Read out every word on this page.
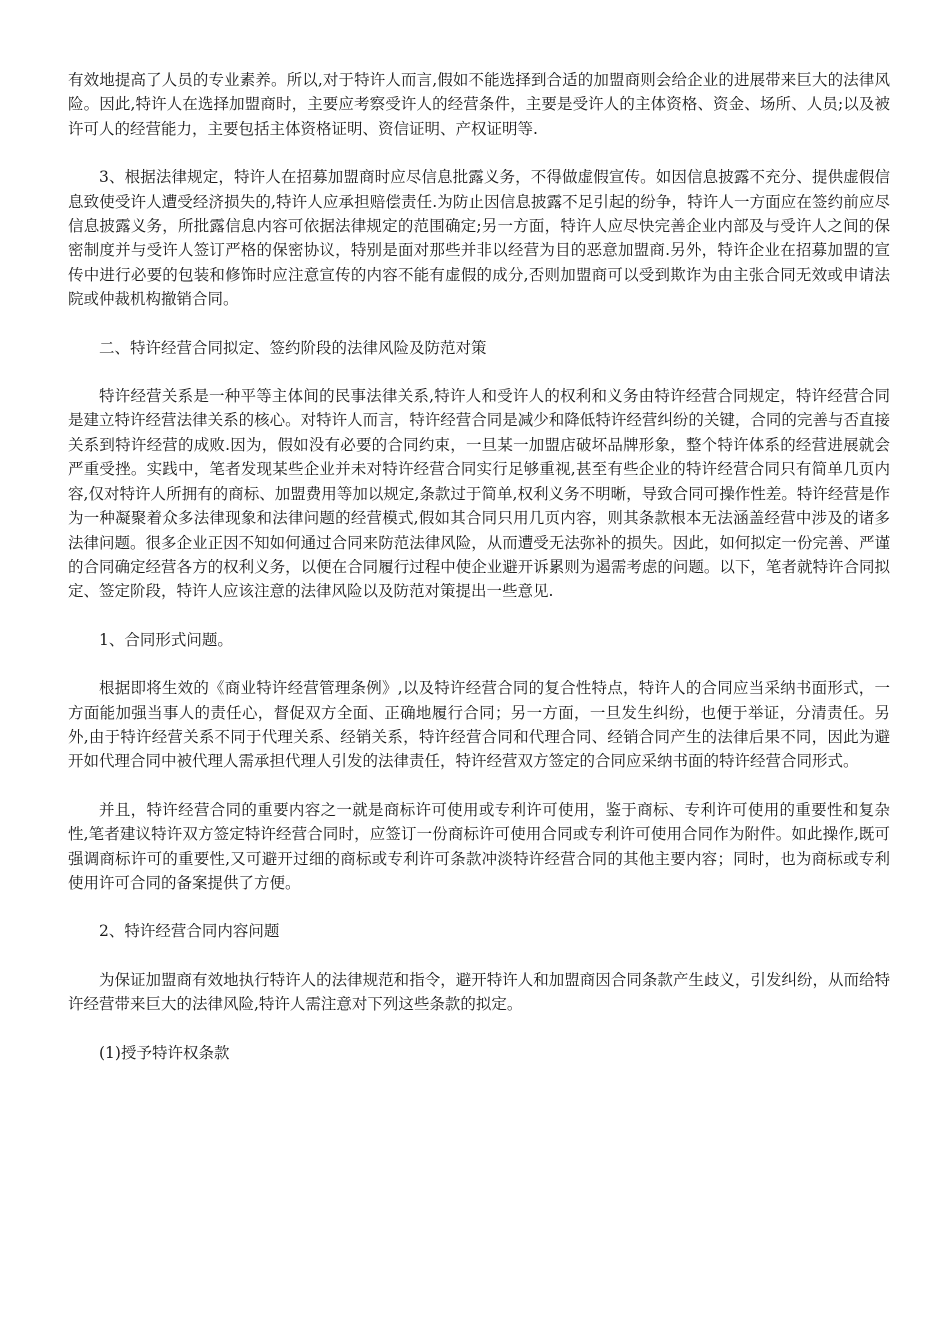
有效地提高了人员的专业素养。所以,对于特许人而言,假如不能选择到合适的加盟商则会给企业的进展带来巨大的法律风险。因此,特许人在选择加盟商时，主要应考察受许人的经营条件，主要是受许人的主体资格、资金、场所、人员;以及被许可人的经营能力，主要包括主体资格证明、资信证明、产权证明等.

3、根据法律规定，特许人在招募加盟商时应尽信息批露义务，不得做虚假宣传。如因信息披露不充分、提供虚假信息致使受许人遭受经济损失的,特许人应承担赔偿责任.为防止因信息披露不足引起的纷争，特许人一方面应在签约前应尽信息披露义务，所批露信息内容可依据法律规定的范围确定;另一方面，特许人应尽快完善企业内部及与受许人之间的保密制度并与受许人签订严格的保密协议，特别是面对那些并非以经营为目的恶意加盟商.另外，特许企业在招募加盟的宣传中进行必要的包装和修饰时应注意宣传的内容不能有虚假的成分,否则加盟商可以受到欺诈为由主张合同无效或申请法院或仲裁机构撤销合同。

二、特许经营合同拟定、签约阶段的法律风险及防范对策

特许经营关系是一种平等主体间的民事法律关系,特许人和受许人的权利和义务由特许经营合同规定，特许经营合同是建立特许经营法律关系的核心。对特许人而言，特许经营合同是减少和降低特许经营纠纷的关键，合同的完善与否直接关系到特许经营的成败.因为，假如没有必要的合同约束，一旦某一加盟店破坏品牌形象，整个特许体系的经营进展就会严重受挫。实践中，笔者发现某些企业并未对特许经营合同实行足够重视,甚至有些企业的特许经营合同只有简单几页内容,仅对特许人所拥有的商标、加盟费用等加以规定,条款过于简单,权利义务不明晰，导致合同可操作性差。特许经营是作为一种凝聚着众多法律现象和法律问题的经营模式,假如其合同只用几页内容，则其条款根本无法涵盖经营中涉及的诸多法律问题。很多企业正因不知如何通过合同来防范法律风险，从而遭受无法弥补的损失。因此，如何拟定一份完善、严谨的合同确定经营各方的权利义务，以便在合同履行过程中使企业避开诉累则为遏需考虑的问题。以下，笔者就特许合同拟定、签定阶段，特许人应该注意的法律风险以及防范对策提出一些意见.

1、合同形式问题。

根据即将生效的《商业特许经营管理条例》,以及特许经营合同的复合性特点，特许人的合同应当采纳书面形式，一方面能加强当事人的责任心，督促双方全面、正确地履行合同；另一方面，一旦发生纠纷，也便于举证，分清责任。另外,由于特许经营关系不同于代理关系、经销关系，特许经营合同和代理合同、经销合同产生的法律后果不同，因此为避开如代理合同中被代理人需承担代理人引发的法律责任，特许经营双方签定的合同应采纳书面的特许经营合同形式。

并且，特许经营合同的重要内容之一就是商标许可使用或专利许可使用，鉴于商标、专利许可使用的重要性和复杂性,笔者建议特许双方签定特许经营合同时，应签订一份商标许可使用合同或专利许可使用合同作为附件。如此操作,既可强调商标许可的重要性,又可避开过细的商标或专利许可条款冲淡特许经营合同的其他主要内容；同时，也为商标或专利使用许可合同的备案提供了方便。

2、特许经营合同内容问题

为保证加盟商有效地执行特许人的法律规范和指令，避开特许人和加盟商因合同条款产生歧义，引发纠纷，从而给特许经营带来巨大的法律风险,特许人需注意对下列这些条款的拟定。

(1)授予特许权条款
